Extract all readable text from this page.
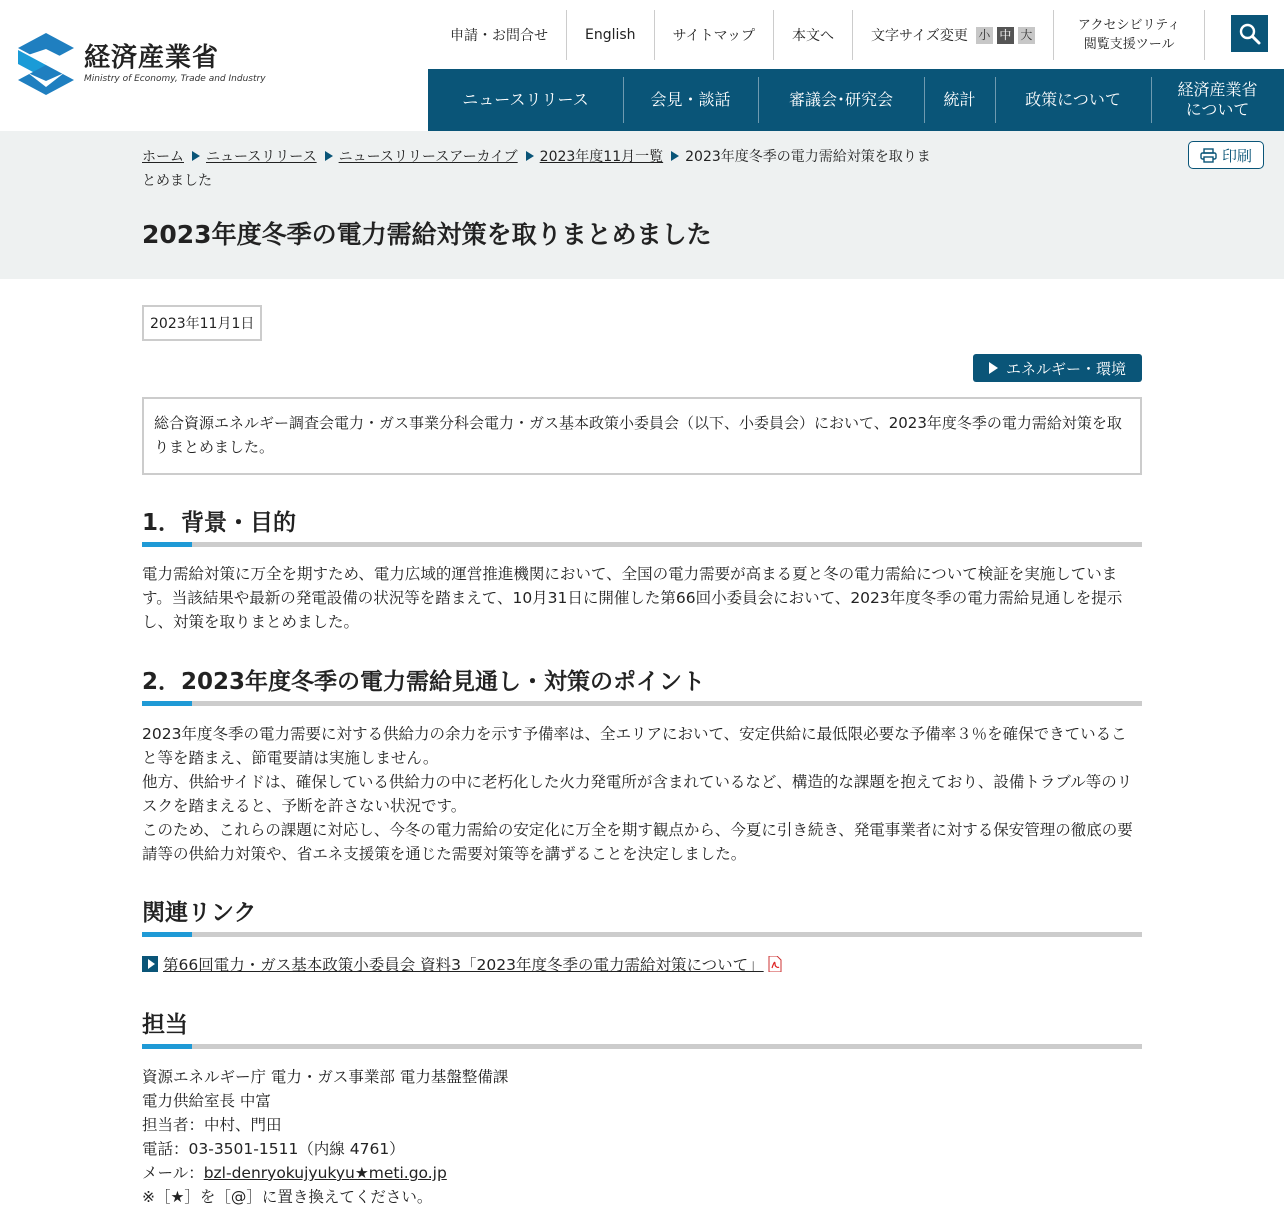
経済産業省
Ministry of Economy, Trade and Industry
申請・お問合せ	English	サイトマップ	本文へ	文字サイズ変更 小 中 大
アクセシビリティ
閲覧支援ツール
ニュースリリース	会見・談話	審議会･研究会	統計	政策について
経済産業省
について
ホーム ニュースリリース ニュースリリースアーカイブ 2023年度11月一覧 2023年度冬季の電力需給対策を取りまとめました
印刷
2023年度冬季の電力需給対策を取りまとめました
2023年11月1日
エネルギー・環境
総合資源エネルギー調査会電力・ガス事業分科会電力・ガス基本政策小委員会（以下、小委員会）において、2023年度冬季の電力需給対策を取りまとめました。
1．背景・目的

電力需給対策に万全を期すため、電力広域的運営推進機関において、全国の電力需要が高まる夏と冬の電力需給について検証を実施しています。当該結果や最新の発電設備の状況等を踏まえて、10月31日に開催した第66回小委員会において、2023年度冬季の電力需給見通しを提示し、対策を取りまとめました。

2．2023年度冬季の電力需給見通し・対策のポイント

2023年度冬季の電力需要に対する供給力の余力を示す予備率は、全エリアにおいて、安定供給に最低限必要な予備率３％を確保できていること等を踏まえ、節電要請は実施しません。

他方、供給サイドは、確保している供給力の中に老朽化した火力発電所が含まれているなど、構造的な課題を抱えており、設備トラブル等のリスクを踏まえると、予断を許さない状況です。

このため、これらの課題に対応し、今冬の電力需給の安定化に万全を期す観点から、今夏に引き続き、発電事業者に対する保安管理の徹底の要請等の供給力対策や、省エネ支援策を通じた需要対策等を講ずることを決定しました。

関連リンク
第66回電力・ガス基本政策小委員会 資料3「2023年度冬季の電力需給対策について」
担当
資源エネルギー庁 電力・ガス事業部 電力基盤整備課
電力供給室長 中富
担当者：中村、門田
電話：03-3501-1511（内線 4761）
メール：bzl-denryokujyukyu★meti.go.jp
※［★］を［@］に置き換えてください。
